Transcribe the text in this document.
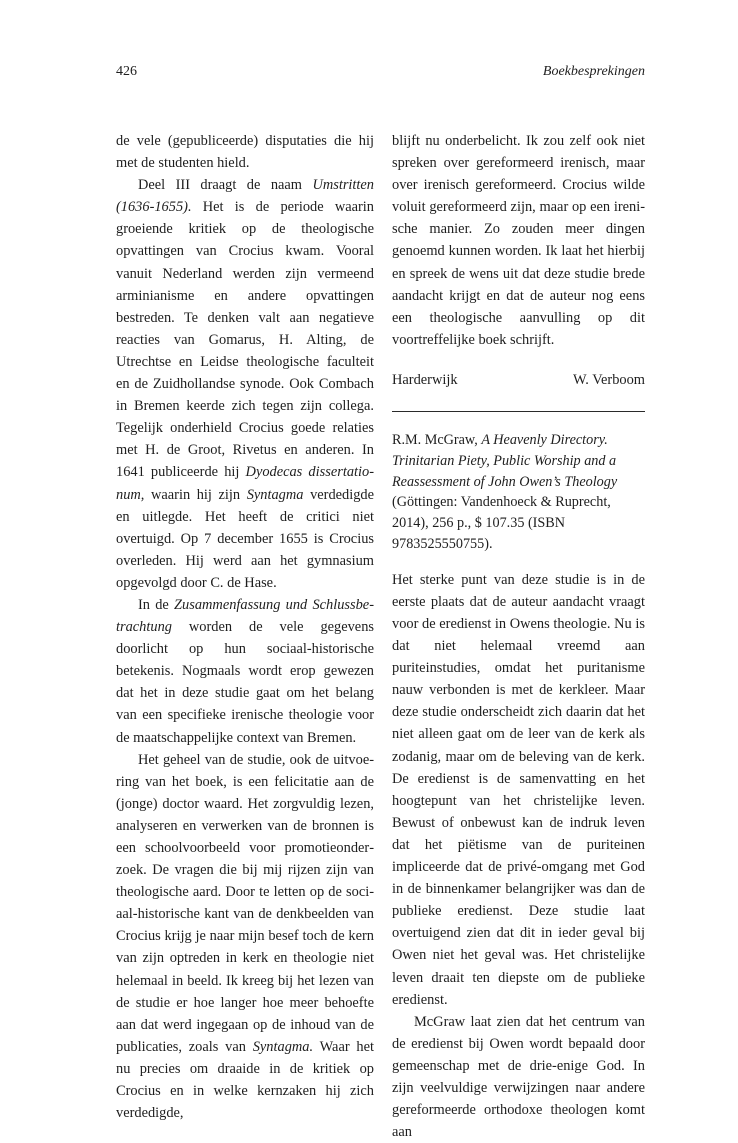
426	Boekbesprekingen

de vele (gepubliceerde) disputaties die hij met de studenten hield.

Deel III draagt de naam Umstritten (1636-1655). Het is de periode waarin groeiende kritiek op de theologische opvattingen van Crocius kwam. Vooral vanuit Nederland werden zijn vermeend arminianisme en andere opvattingen bestreden. Te denken valt aan negatieve reacties van Gomarus, H. Alting, de Utrechtse en Leidse theologische faculteit en de Zuidhollandse synode. Ook Combach in Bremen keerde zich tegen zijn collega. Tegelijk onderhield Crocius goede relaties met H. de Groot, Rivetus en anderen. In 1641 publiceerde hij Dyodecas dissertationum, waarin hij zijn Syntagma verdedigde en uitlegde. Het heeft de critici niet overtuigd. Op 7 december 1655 is Crocius overleden. Hij werd aan het gymnasium opgevolgd door C. de Hase.

In de Zusammenfassung und Schlussbetrachtung worden de vele gegevens doorlicht op hun sociaal-historische betekenis. Nogmaals wordt erop gewezen dat het in deze studie gaat om het belang van een specifieke irenische theologie voor de maatschappelijke context van Bremen.

Het geheel van de studie, ook de uitvoering van het boek, is een felicitatie aan de (jonge) doctor waard. Het zorgvuldig lezen, analyseren en verwerken van de bronnen is een schoolvoorbeeld voor promotieonderzoek. De vragen die bij mij rijzen zijn van theologische aard. Door te letten op de sociaal-historische kant van de denkbeelden van Crocius krijg je naar mijn besef toch de kern van zijn optreden in kerk en theologie niet helemaal in beeld. Ik kreeg bij het lezen van de studie er hoe langer hoe meer behoefte aan dat werd ingegaan op de inhoud van de publicaties, zoals van Syntagma. Waar het nu precies om draaide in de kritiek op Crocius en in welke kernzaken hij zich verdedigde,

blijft nu onderbelicht. Ik zou zelf ook niet spreken over gereformeerd irenisch, maar over irenisch gereformeerd. Crocius wilde voluit gereformeerd zijn, maar op een irenische manier. Zo zouden meer dingen genoemd kunnen worden. Ik laat het hierbij en spreek de wens uit dat deze studie brede aandacht krijgt en dat de auteur nog eens een theologische aanvulling op dit voortreffelijke boek schrijft.

Harderwijk	W. Verboom

R.M. McGraw, A Heavenly Directory. Trinitarian Piety, Public Worship and a Reassessment of John Owen’s Theology (Göttingen: Vandenhoeck & Ruprecht, 2014), 256 p., $ 107.35 (ISBN 9783525550755).

Het sterke punt van deze studie is in de eerste plaats dat de auteur aandacht vraagt voor de eredienst in Owens theologie. Nu is dat niet helemaal vreemd aan puriteinstudies, omdat het puritanisme nauw verbonden is met de kerkleer. Maar deze studie onderscheidt zich daarin dat het niet alleen gaat om de leer van de kerk als zodanig, maar om de beleving van de kerk. De eredienst is de samenvatting en het hoogtepunt van het christelijke leven. Bewust of onbewust kan de indruk leven dat het piëtisme van de puriteinen impliceerde dat de privé-omgang met God in de binnenkamer belangrijker was dan de publieke eredienst. Deze studie laat overtuigend zien dat dit in ieder geval bij Owen niet het geval was. Het christelijke leven draait ten diepste om de publieke eredienst.

McGraw laat zien dat het centrum van de eredienst bij Owen wordt bepaald door gemeenschap met de drie-enige God. In zijn veelvuldige verwijzingen naar andere gereformeerde orthodoxe theologen komt aan
